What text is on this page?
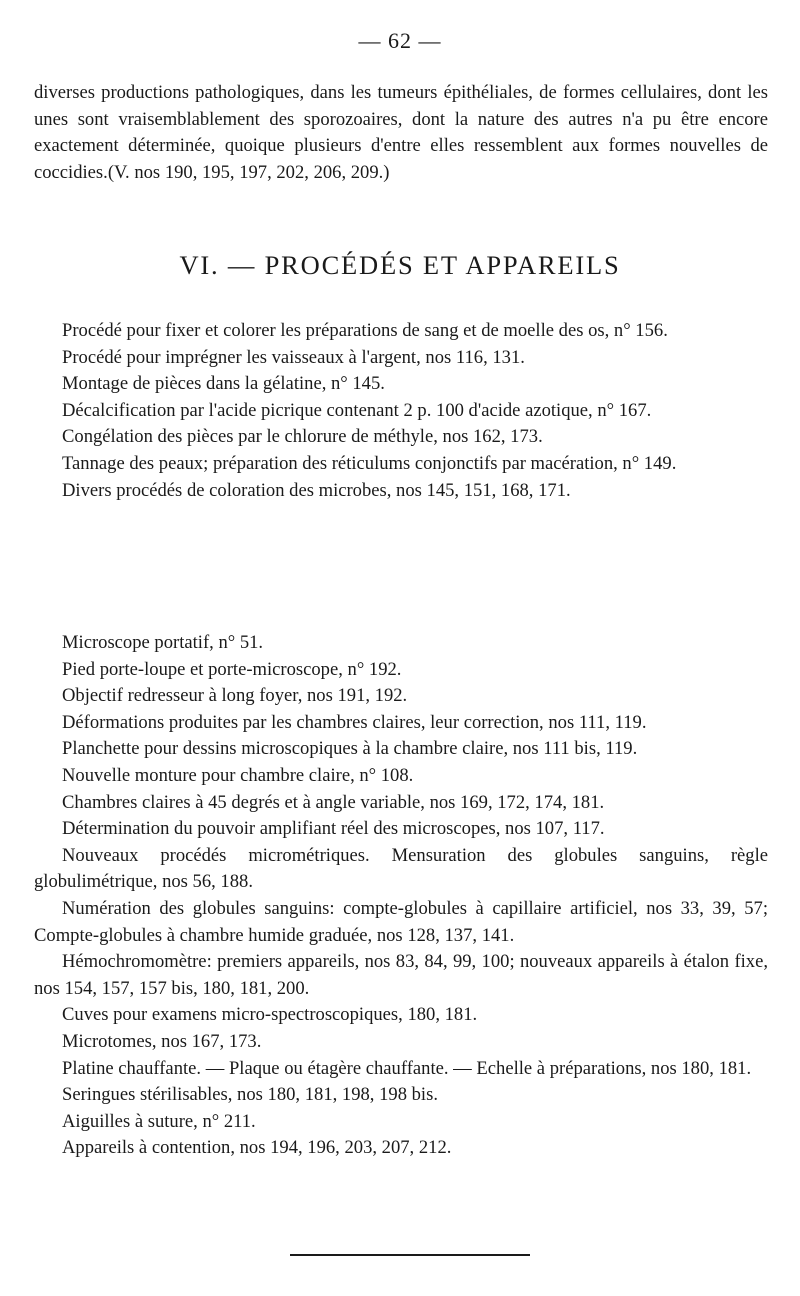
— 62 —

diverses productions pathologiques, dans les tumeurs épithéliales, de formes cellulaires, dont les unes sont vraisemblablement des sporozoaires, dont la nature des autres n'a pu être encore exactement déterminée, quoique plusieurs d'entre elles ressemblent aux formes nouvelles de coccidies.(V. nos 190, 195, 197, 202, 206, 209.)

VI. — PROCÉDÉS ET APPAREILS

Procédé pour fixer et colorer les préparations de sang et de moelle des os, n° 156.

Procédé pour imprégner les vaisseaux à l'argent, nos 116, 131.

Montage de pièces dans la gélatine, n° 145.

Décalcification par l'acide picrique contenant 2 p. 100 d'acide azotique, n° 167.

Congélation des pièces par le chlorure de méthyle, nos 162, 173.

Tannage des peaux; préparation des réticulums conjonctifs par macération, n° 149.

Divers procédés de coloration des microbes, nos 145, 151, 168, 171.

Microscope portatif, n° 51.

Pied porte-loupe et porte-microscope, n° 192.

Objectif redresseur à long foyer, nos 191, 192.

Déformations produites par les chambres claires, leur correction, nos 111, 119.

Planchette pour dessins microscopiques à la chambre claire, nos 111 bis, 119.

Nouvelle monture pour chambre claire, n° 108.

Chambres claires à 45 degrés et à angle variable, nos 169, 172, 174, 181.

Détermination du pouvoir amplifiant réel des microscopes, nos 107, 117.

Nouveaux procédés micrométriques. Mensuration des globules sanguins, règle globulimétrique, nos 56, 188.

Numération des globules sanguins: compte-globules à capillaire artificiel, nos 33, 39, 57; Compte-globules à chambre humide graduée, nos 128, 137, 141.

Hémochromomètre: premiers appareils, nos 83, 84, 99, 100; nouveaux appareils à étalon fixe, nos 154, 157, 157 bis, 180, 181, 200.

Cuves pour examens micro-spectroscopiques, 180, 181.

Microtomes, nos 167, 173.

Platine chauffante. — Plaque ou étagère chauffante. — Echelle à préparations, nos 180, 181.

Seringues stérilisables, nos 180, 181, 198, 198 bis.

Aiguilles à suture, n° 211.

Appareils à contention, nos 194, 196, 203, 207, 212.
